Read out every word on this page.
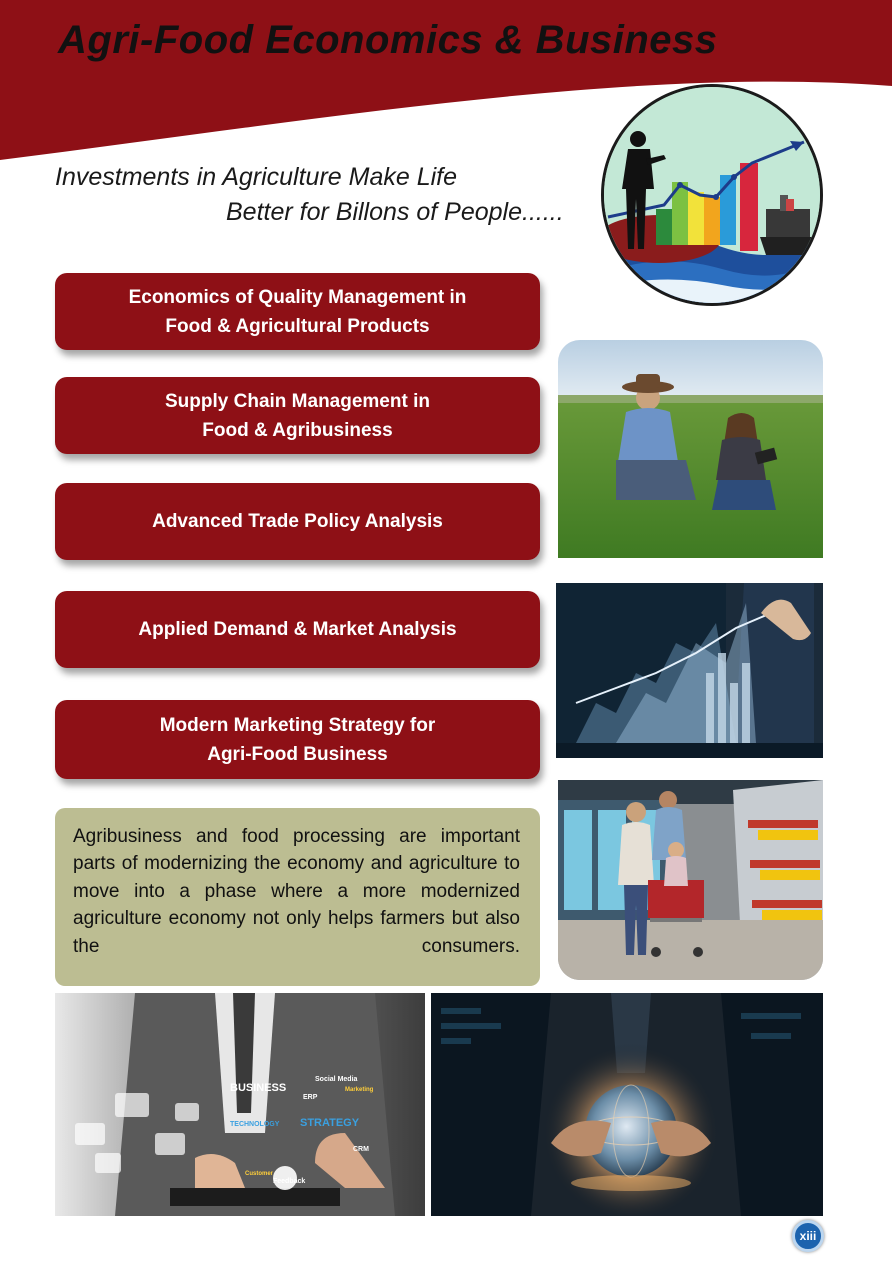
Agri-Food Economics & Business
Investments in Agriculture Make Life
Better for Billons of People......
Economics of Quality Management in
Food & Agricultural Products
Supply Chain Management in
Food & Agribusiness
Advanced Trade Policy Analysis
Applied Demand & Market Analysis
Modern Marketing Strategy for
Agri-Food Business
Agribusiness and food processing are important parts of modernizing the economy and agriculture to move into a phase where a more modernized agriculture economy not only helps farmers but also the consumers.
BUSINESS
STRATEGY
TECHNOLOGY
Social Media
ERP
CRM
Feedback
Marketing
Customer
xiii
